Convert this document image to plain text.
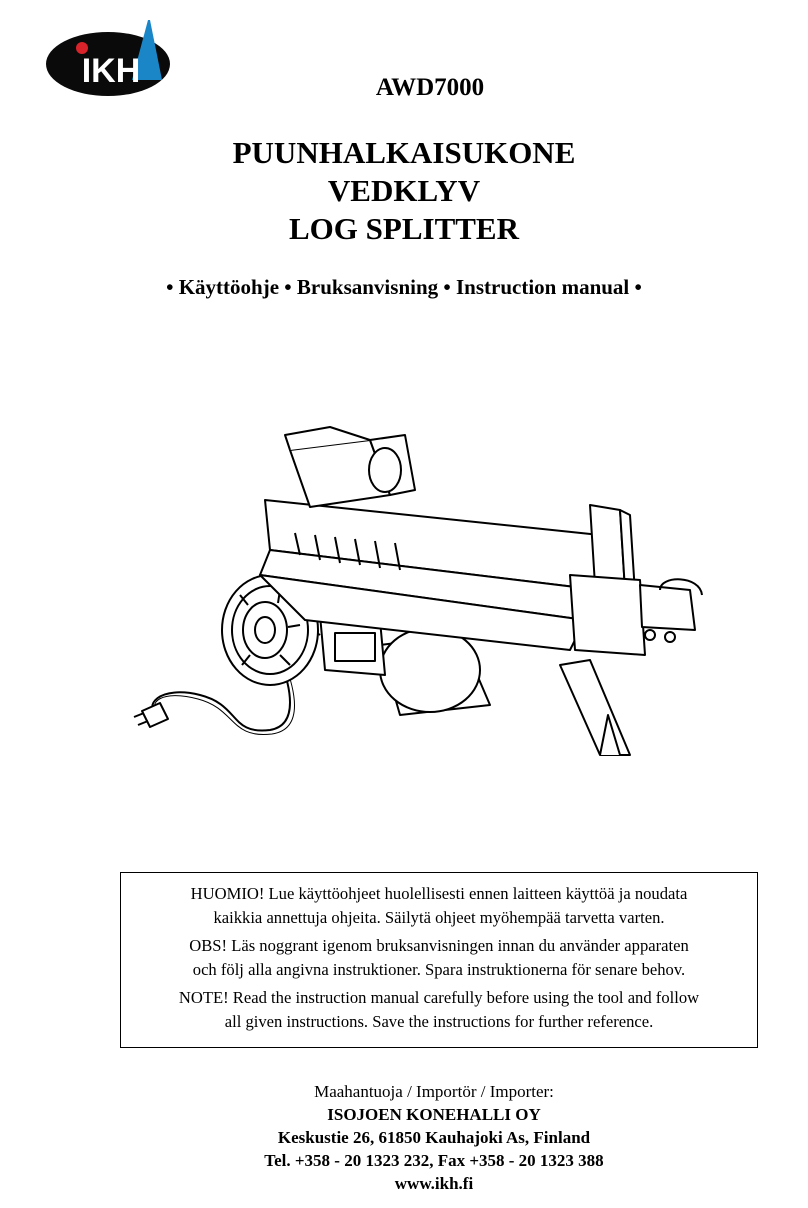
IKH	AWD7000
PUUNHALKAISUKONE
VEDKLYV
LOG SPLITTER
• Käyttöohje • Bruksanvisning • Instruction manual •

HUOMIO! Lue käyttöohjeet huolellisesti ennen laitteen käyttöä ja noudata
kaikkia annettuja ohjeita. Säilytä ohjeet myöhempää tarvetta varten.

OBS! Läs noggrant igenom bruksanvisningen innan du använder apparaten
och följ alla angivna instruktioner. Spara instruktionerna för senare behov.

NOTE! Read the instruction manual carefully before using the tool and follow
all given instructions. Save the instructions for further reference.

Maahantuoja / Importör / Importer:
ISOJOEN KONEHALLI OY
Keskustie 26, 61850 Kauhajoki As, Finland
Tel. +358 - 20 1323 232, Fax +358 - 20 1323 388
www.ikh.fi
